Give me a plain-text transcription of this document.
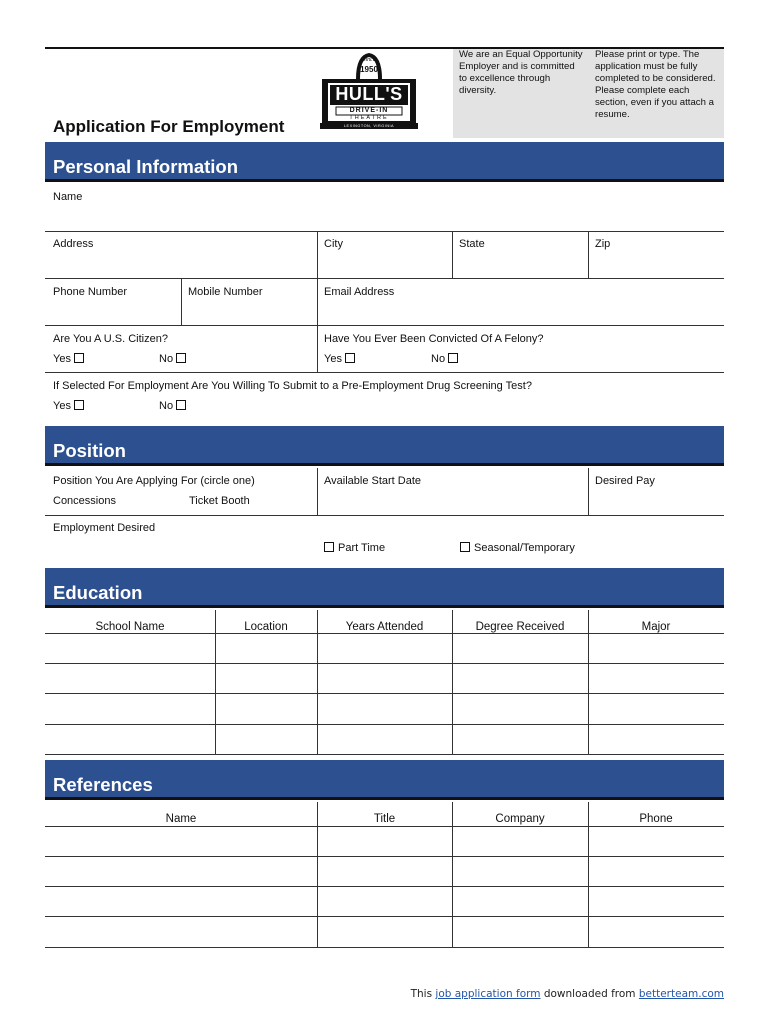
Application For Employment
Since
1950
HULL'S
DRIVE-IN
THEATRE
LEXINGTON, VIRGINIA
We are an Equal Opportunity Employer and is committed to excellence through diversity.
Please print or type. The application must be fully completed to be considered. Please complete each section, even if you attach a resume.
Personal Information
Name
Address	City	State	Zip
Phone Number	Mobile Number	Email Address
Are You A U.S. Citizen?	Have You Ever Been Convicted Of A Felony?
Yes	No	Yes	No
If Selected For Employment Are You Willing To Submit to a Pre-Employment Drug Screening Test?
Yes	No
Position
Position You Are Applying For (circle one)
Concessions	Ticket Booth
Available Start Date	Desired Pay
Employment Desired
Part Time	Seasonal/Temporary
Education
School Name	Location	Years Attended	Degree Received	Major
References
Name	Title	Company	Phone
This job application form downloaded from betterteam.com
